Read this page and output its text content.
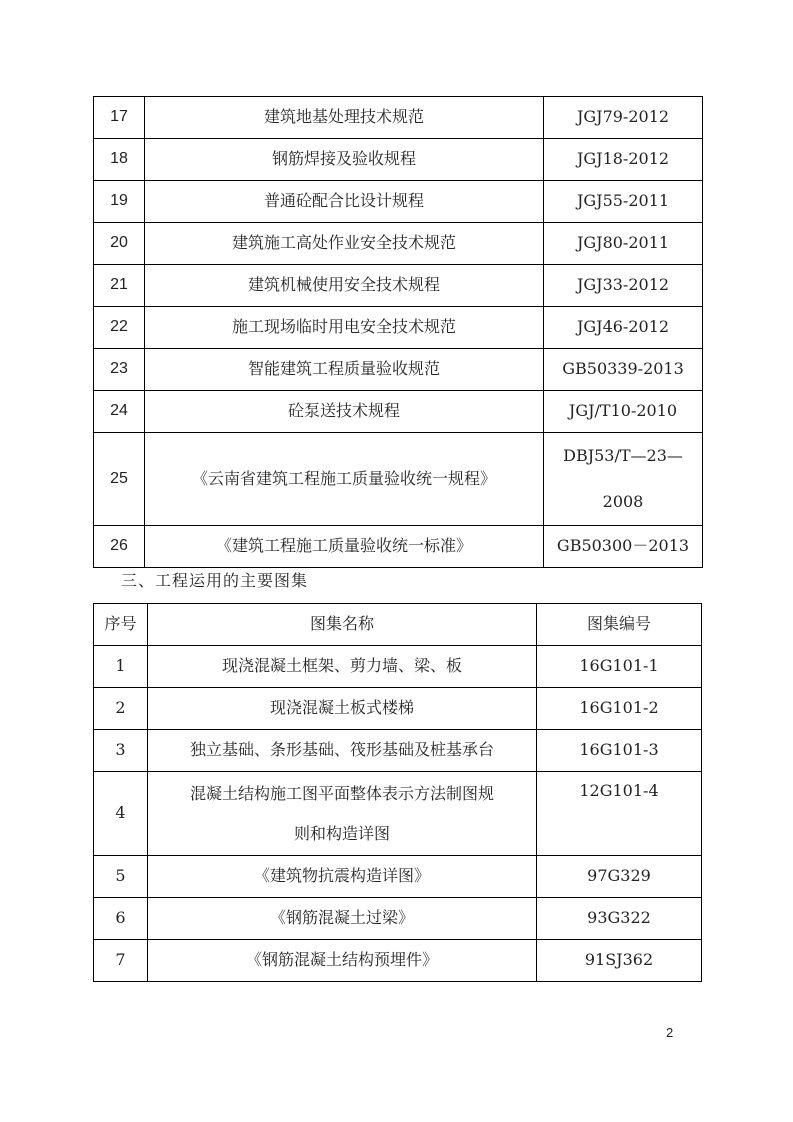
17	建筑地基处理技术规范	JGJ79-2012
18	钢筋焊接及验收规程	JGJ18-2012
19	普通砼配合比设计规程	JGJ55-2011
20	建筑施工高处作业安全技术规范	JGJ80-2011
21	建筑机械使用安全技术规程	JGJ33-2012
22	施工现场临时用电安全技术规范	JGJ46-2012
23	智能建筑工程质量验收规范	GB50339-2013
24	砼泵送技术规程	JGJ/T10-2010
25	《云南省建筑工程施工质量验收统一规程》	DBJ53/T—23—
2008
26	《建筑工程施工质量验收统一标准》	GB50300－2013
三、工程运用的主要图集
序号	图集名称	图集编号
1	现浇混凝土框架、剪力墙、梁、板	16G101-1
2	现浇混凝土板式楼梯	16G101-2
3	独立基础、条形基础、筏形基础及桩基承台	16G101-3
4	混凝土结构施工图平面整体表示方法制图规
则和构造详图	12G101-4
5	《建筑物抗震构造详图》	97G329
6	《钢筋混凝土过梁》	93G322
7	《钢筋混凝土结构预埋件》	91SJ362
2
